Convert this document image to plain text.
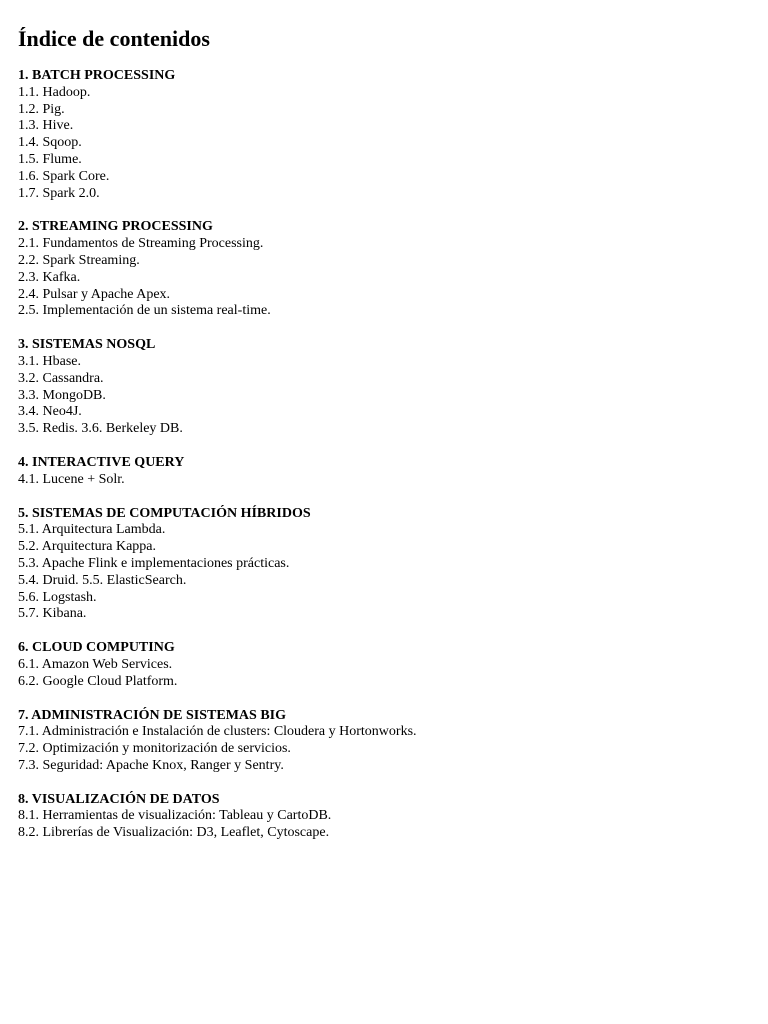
Índice de contenidos
1. BATCH PROCESSING
1.1. Hadoop.
1.2. Pig.
1.3. Hive.
1.4. Sqoop.
1.5. Flume.
1.6. Spark Core.
1.7. Spark 2.0.
2. STREAMING PROCESSING
2.1. Fundamentos de Streaming Processing.
2.2. Spark Streaming.
2.3. Kafka.
2.4. Pulsar y Apache Apex.
2.5. Implementación de un sistema real-time.
3. SISTEMAS NOSQL
3.1. Hbase.
3.2. Cassandra.
3.3. MongoDB.
3.4. Neo4J.
3.5. Redis. 3.6. Berkeley DB.
4. INTERACTIVE QUERY
4.1. Lucene + Solr.
5. SISTEMAS DE COMPUTACIÓN HÍBRIDOS
5.1. Arquitectura Lambda.
5.2. Arquitectura Kappa.
5.3. Apache Flink e implementaciones prácticas.
5.4. Druid. 5.5. ElasticSearch.
5.6. Logstash.
5.7. Kibana.
6. CLOUD COMPUTING
6.1. Amazon Web Services.
6.2. Google Cloud Platform.
7. ADMINISTRACIÓN DE SISTEMAS BIG
7.1. Administración e Instalación de clusters: Cloudera y Hortonworks.
7.2. Optimización y monitorización de servicios.
7.3. Seguridad: Apache Knox, Ranger y Sentry.
8. VISUALIZACIÓN DE DATOS
8.1. Herramientas de visualización: Tableau y CartoDB.
8.2. Librerías de Visualización: D3, Leaflet, Cytoscape.
